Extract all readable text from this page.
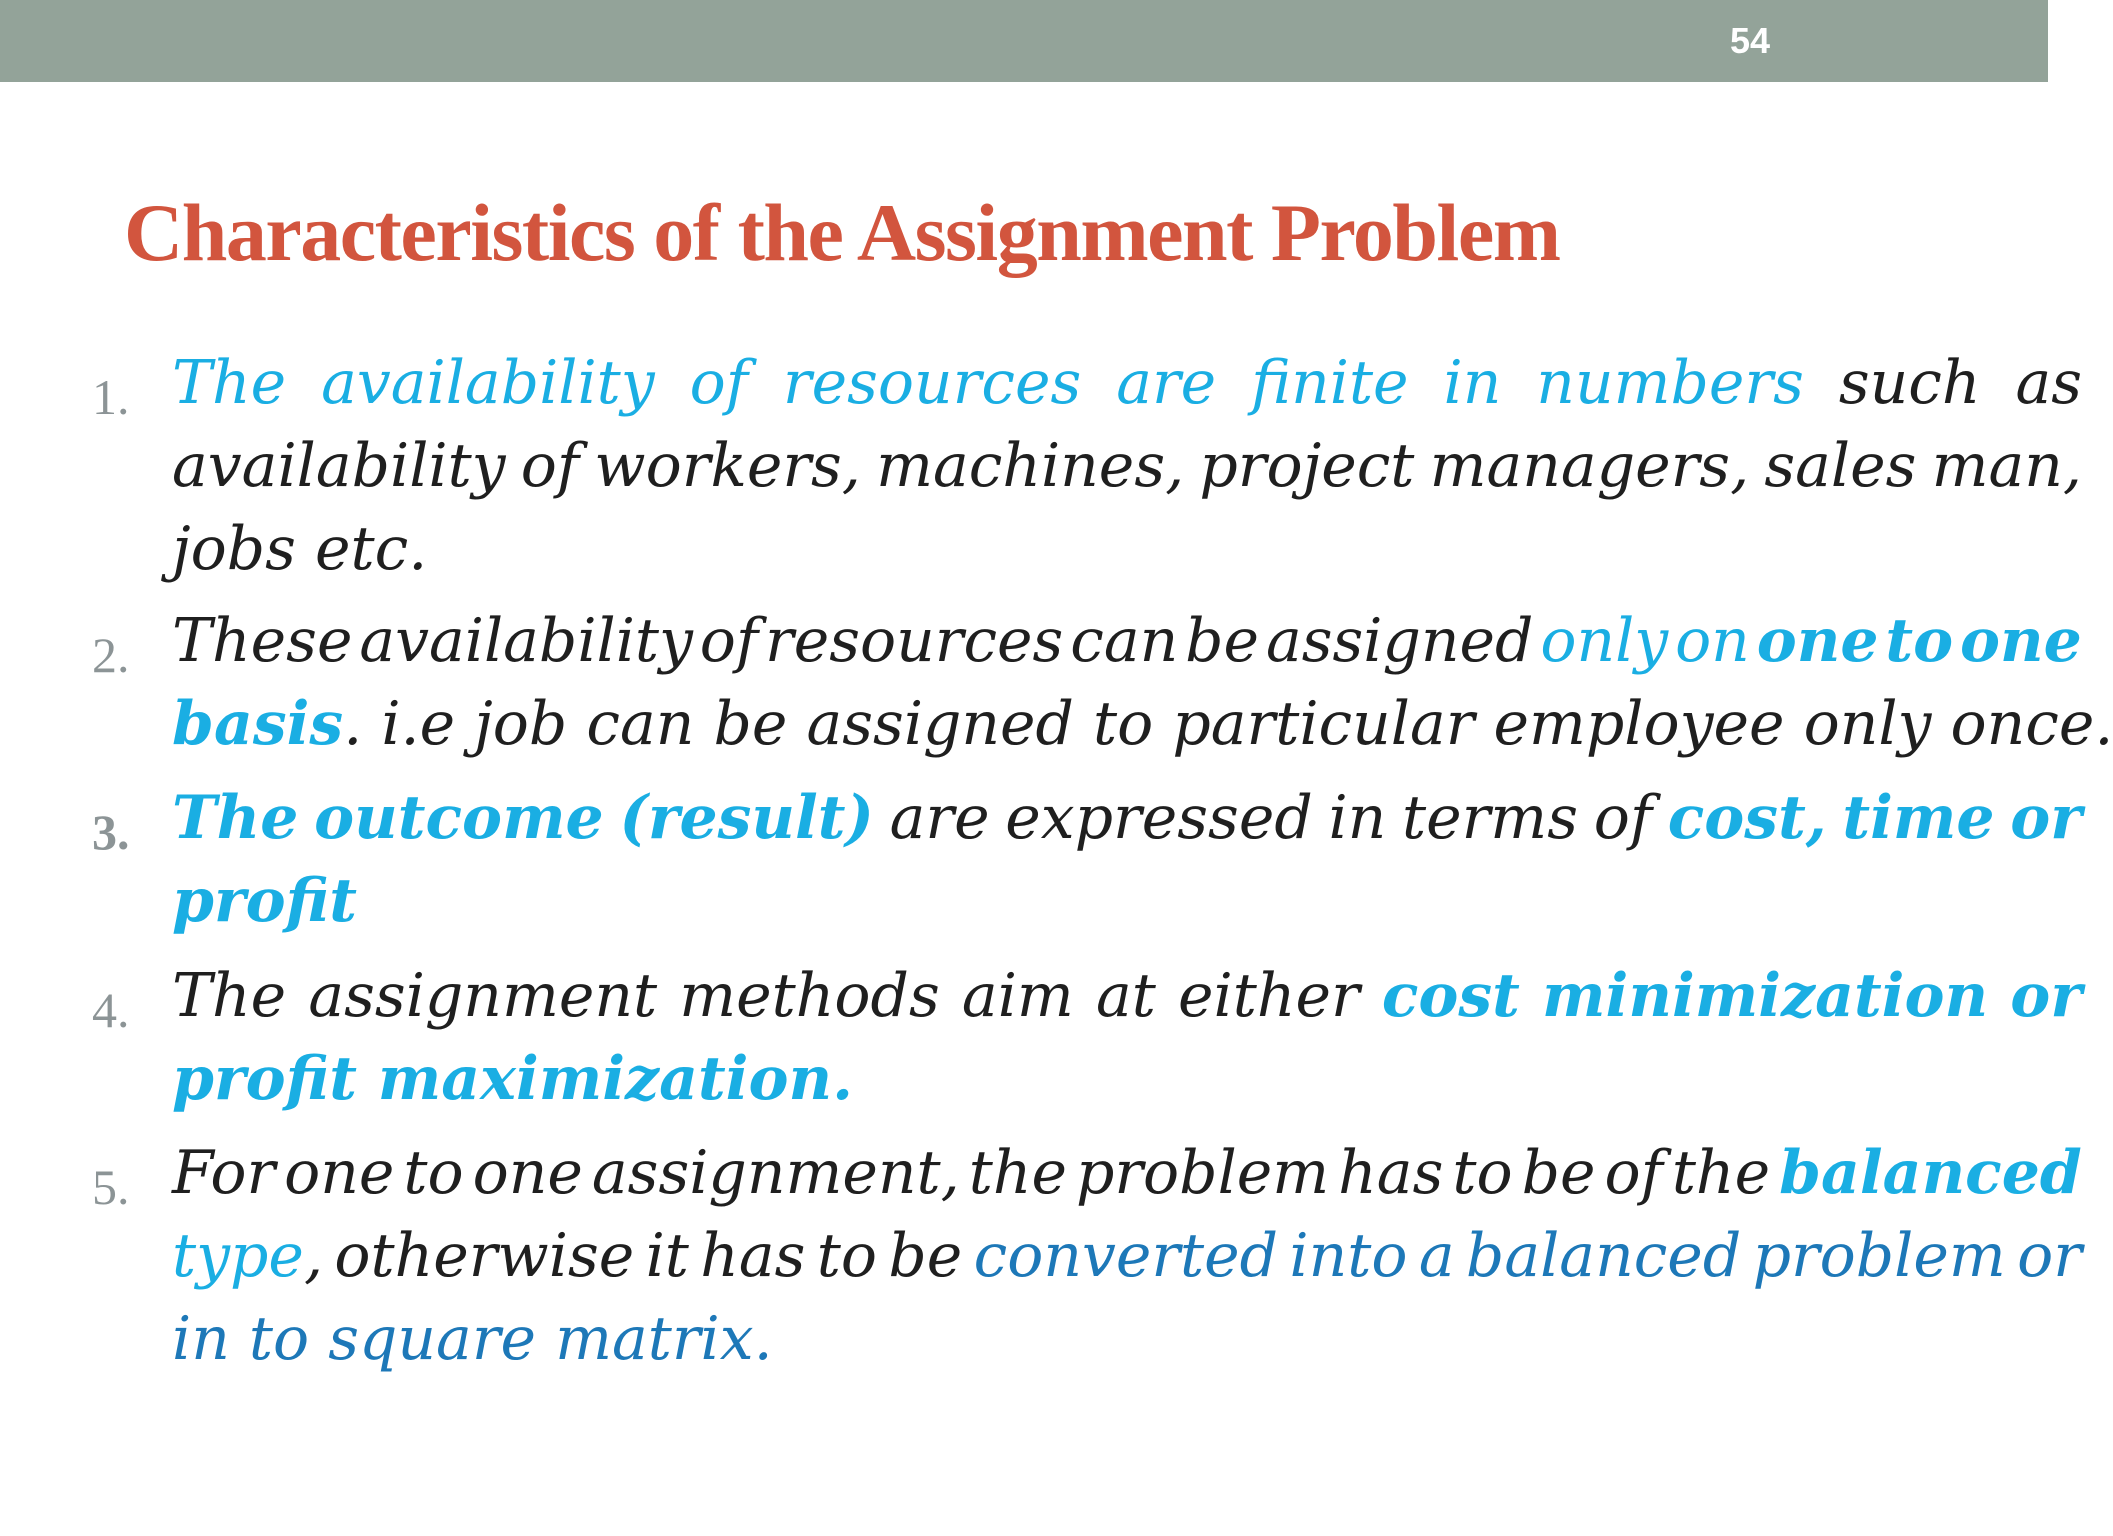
54
Characteristics of the Assignment Problem
1. The availability of resources are finite in numbers such as
availability of workers, machines, project managers, sales man,
jobs etc.
2. These availability of resources can be assigned only on one to one
basis. i.e job can be assigned to particular employee only once.
3. The outcome (result) are expressed in terms of cost, time or
profit
4. The assignment methods aim at either cost minimization or
profit maximization.
5. For one to one assignment, the problem has to be of the balanced
type, otherwise it has to be converted into a balanced problem or
in to square matrix.
